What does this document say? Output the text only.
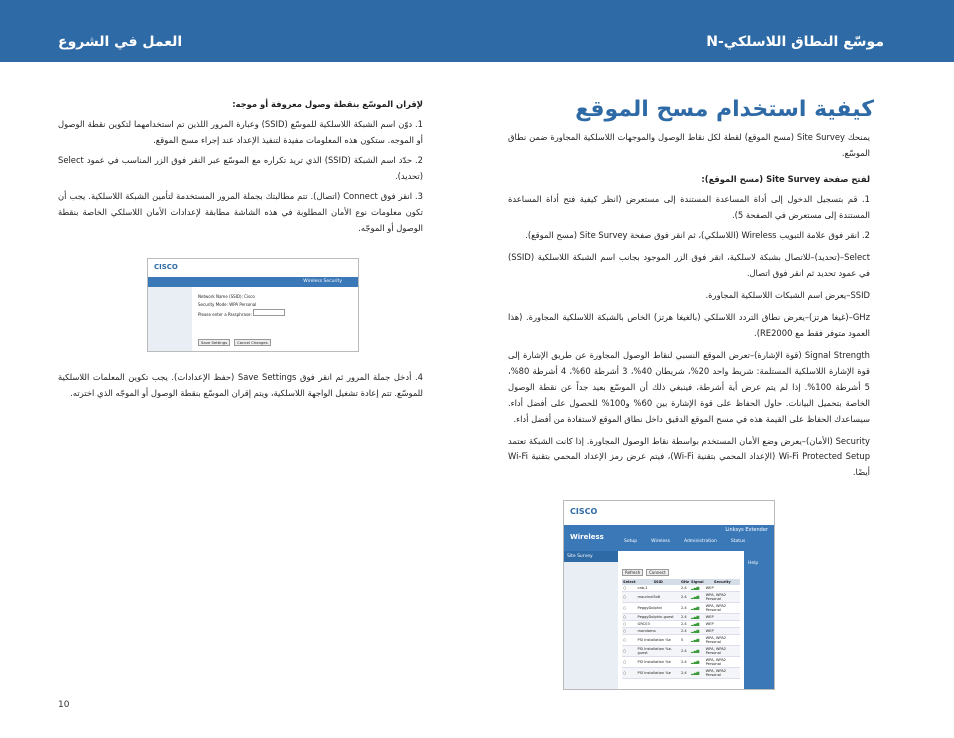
العمل في الشروع	موسّع النطاق اللاسلكي-N
كيفية استخدام مسح الموقع

يمنحك Site Survey (مسح الموقع) لقطة لكل نقاط الوصول والموجهات اللاسلكية المجاورة ضمن نطاق الموسّع.

لفتح صفحة Site Survey (مسح الموقع):

1. قم بتسجيل الدخول إلى أداة المساعدة المستندة إلى مستعرض (انظر كيفية فتح أداة المساعدة المستندة إلى مستعرض في الصفحة 5).

2. انقر فوق علامة التبويب Wireless (اللاسلكي)، ثم انقر فوق صفحة Site Survey (مسح الموقع).

Select–(تحديد)–للاتصال بشبكة لاسلكية، انقر فوق الزر الموجود بجانب اسم الشبكة اللاسلكية (SSID) في عمود تحديد ثم انقر فوق اتصال.

SSID–يعرض اسم الشبكات اللاسلكية المجاورة.

GHz–(غيغا هرتز)–يعرض نطاق التردد اللاسلكي (بالغيغا هرتز) الخاص بالشبكة اللاسلكية المجاورة. (هذا العمود متوفر فقط مع RE2000).

Signal Strength (قوة الإشارة)–تعرض الموقع النسبي لنقاط الوصول المجاورة عن طريق الإشارة إلى قوة الإشارة اللاسلكية المستلمة: شريط واحد 20%، شريطان 40%، 3 أشرطة 60%، 4 أشرطة 80%، 5 أشرطة 100%. إذا لم يتم عرض أية أشرطة، فينبغي ذلك أن الموسّع بعيد جداً عن نقطة الوصول الخاصة بتحميل البيانات. حاول الحفاظ على قوة الإشارة بين 60% و100% للحصول على أفضل أداء. سيساعدك الحفاظ على القيمة هذه في مسح الموقع الدقيق داخل نطاق الموقع لاستفادة من أفضل أداء.

Security (الأمان)–يعرض وضع الأمان المستخدم بواسطة نقاط الوصول المجاورة. إذا كانت الشبكة تعتمد Wi-Fi Protected Setup (الإعداد المحمي بتقنية Wi-Fi)، فيتم عرض رمز الإعداد المحمي بتقنية Wi-Fi أيضًا.

CISCO
Wireless
Linksys Extender
Setup	Wireless	Administration	Status
Site Survey
Help
Refresh	Connect
Select	SSID	GHz	Signal	Security
○	cab-1	2.4	▂▄▆	WEP
○	maurinol5x8	2.4	▂▄▆	WPA, WPA2 Personal
○	PeggyDolphin	2.4	▂▄▆	WPA, WPA2 Personal
○	PeggyDolphin-guest	2.4	▂▄▆	WEP
○	GRC03	2.4	▂▄▆	WEP
○	mondamo	2.4	▂▄▆	WEP
○	PSI Installation %e	5	▂▄▆	WPA, WPA2 Personal
○	PSI Installation %e-guest	2.4	▂▄▆	WPA, WPA2 Personal
○	PSI Installation %e	2.4	▂▄▆	WPA, WPA2 Personal
○	PSI Installation %e	2.4	▂▄▆	WPA, WPA2 Personal

لإقران الموسّع بنقطة وصول معروفة أو موجه:

1. دوّن اسم الشبكة اللاسلكية للموسّع (SSID) وعبارة المرور اللذين تم استخدامهما لتكوين نقطة الوصول أو الموجه. ستكون هذه المعلومات مفيدة لتنفيذ الإعداد عند إجراء مسح الموقع.

2. حدّد اسم الشبكة (SSID) الذي تريد تكراره مع الموسّع عبر النقر فوق الزر المناسب في عمود Select (تحديد).

3. انقر فوق Connect (اتصال). تتم مطالبتك بجملة المرور المستخدمة لتأمين الشبكة اللاسلكية. يجب أن تكون معلومات نوع الأمان المطلوبة في هذه الشاشة مطابقة لإعدادات الأمان اللاسلكي الخاصة بنقطة الوصول أو الموجّه.

CISCO
Wireless Security
Network Name (SSID): Cisco
Security Mode: WPA Personal
Please enter a Passphrase:
Save Settings	Cancel Changes

4. أدخل جملة المرور ثم انقر فوق Save Settings (حفظ الإعدادات). يجب تكوين المعلمات اللاسلكية للموسّع. تتم إعادة تشغيل الواجهة اللاسلكية، ويتم إقران الموسّع بنقطة الوصول أو الموجّه الذي اخترته.

10
